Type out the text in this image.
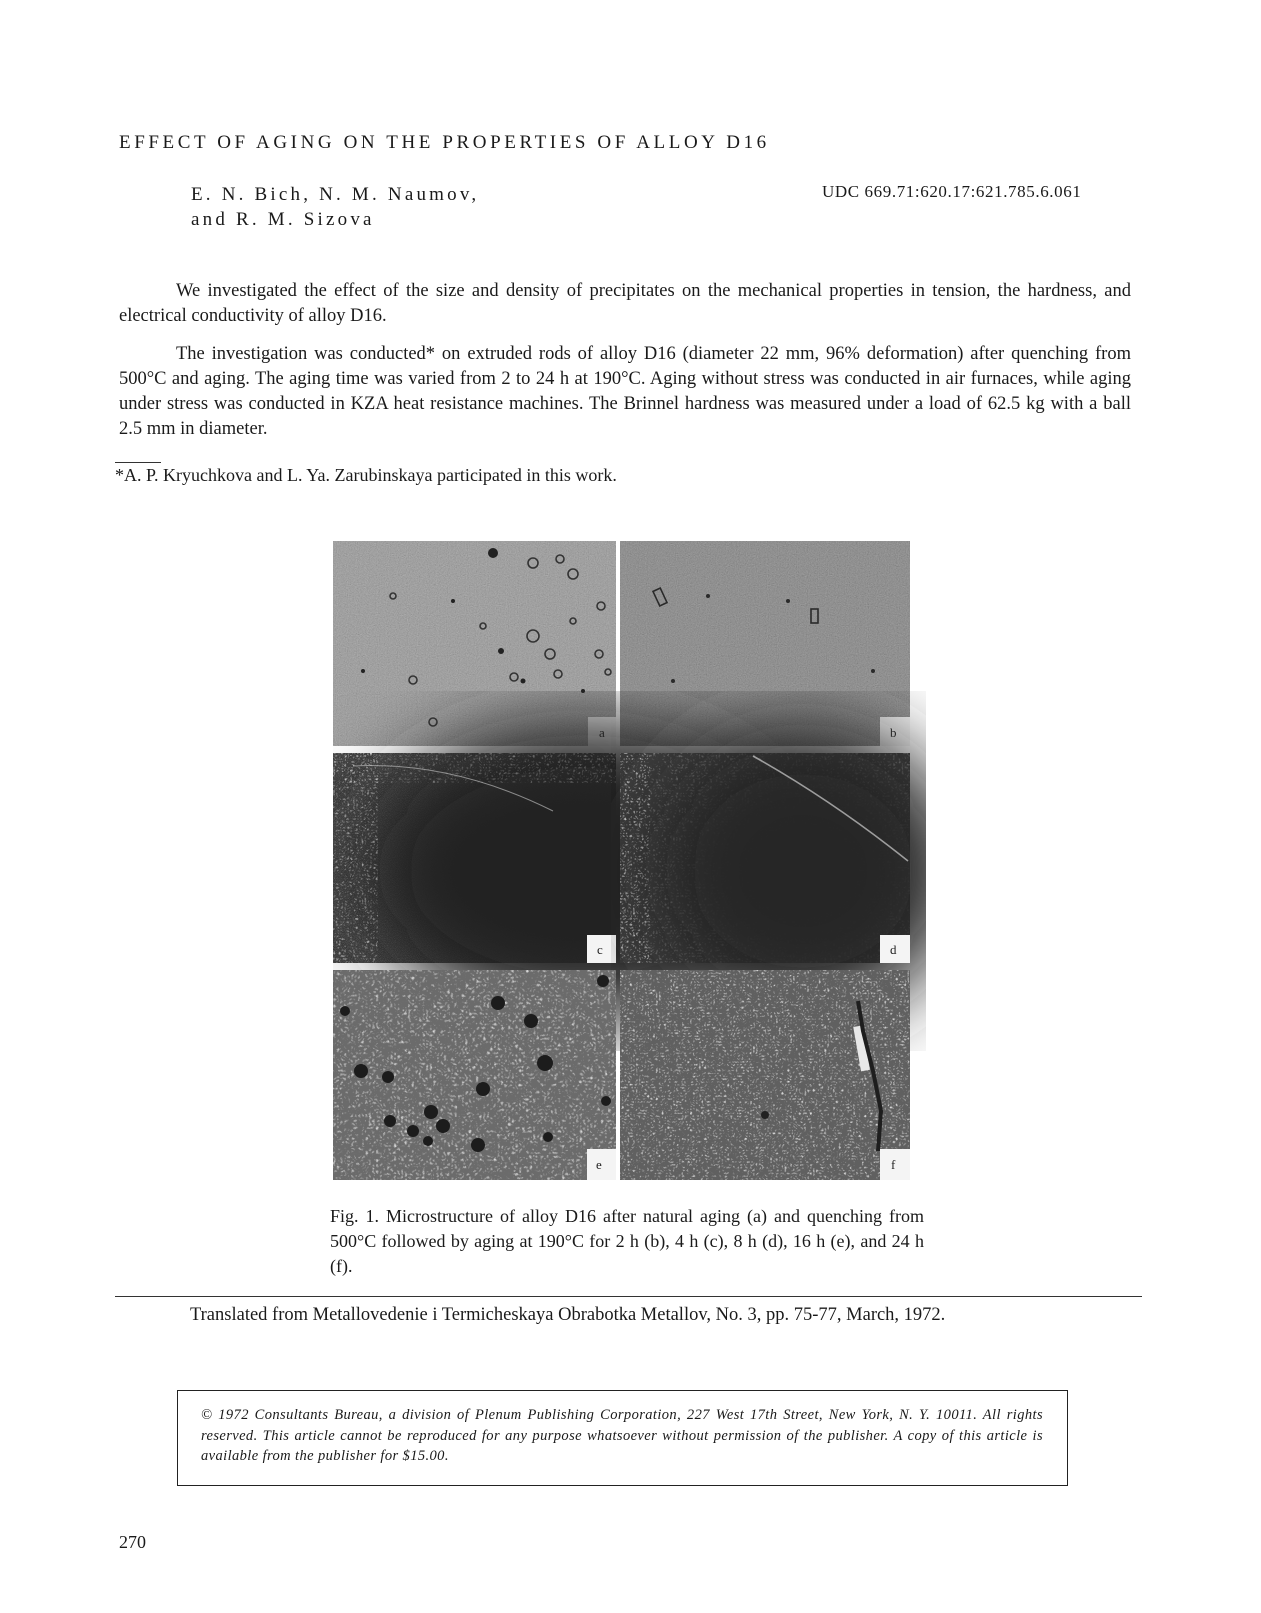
EFFECT OF AGING ON THE PROPERTIES OF ALLOY D16
E. N. Bich, N. M. Naumov,
and R. M. Sizova
UDC 669.71:620.17:621.785.6.061
We investigated the effect of the size and density of precipitates on the mechanical properties in tension, the hardness, and electrical conductivity of alloy D16.
The investigation was conducted* on extruded rods of alloy D16 (diameter 22 mm, 96% deformation) after quenching from 500°C and aging. The aging time was varied from 2 to 24 h at 190°C. Aging without stress was conducted in air furnaces, while aging under stress was conducted in KZA heat resistance machines. The Brinnel hardness was measured under a load of 62.5 kg with a ball 2.5 mm in diameter.
*A. P. Kryuchkova and L. Ya. Zarubinskaya participated in this work.
b
c	d
e	f
Fig. 1. Microstructure of alloy D16 after natural aging (a) and quenching from 500°C followed by aging at 190°C for 2 h (b), 4 h (c), 8 h (d), 16 h (e), and 24 h (f).
Translated from Metallovedenie i Termicheskaya Obrabotka Metallov, No. 3, pp. 75-77, March, 1972.
© 1972 Consultants Bureau, a division of Plenum Publishing Corporation, 227 West 17th Street, New York, N. Y. 10011. All rights reserved. This article cannot be reproduced for any purpose whatsoever without permission of the publisher. A copy of this article is available from the publisher for $15.00.
270
